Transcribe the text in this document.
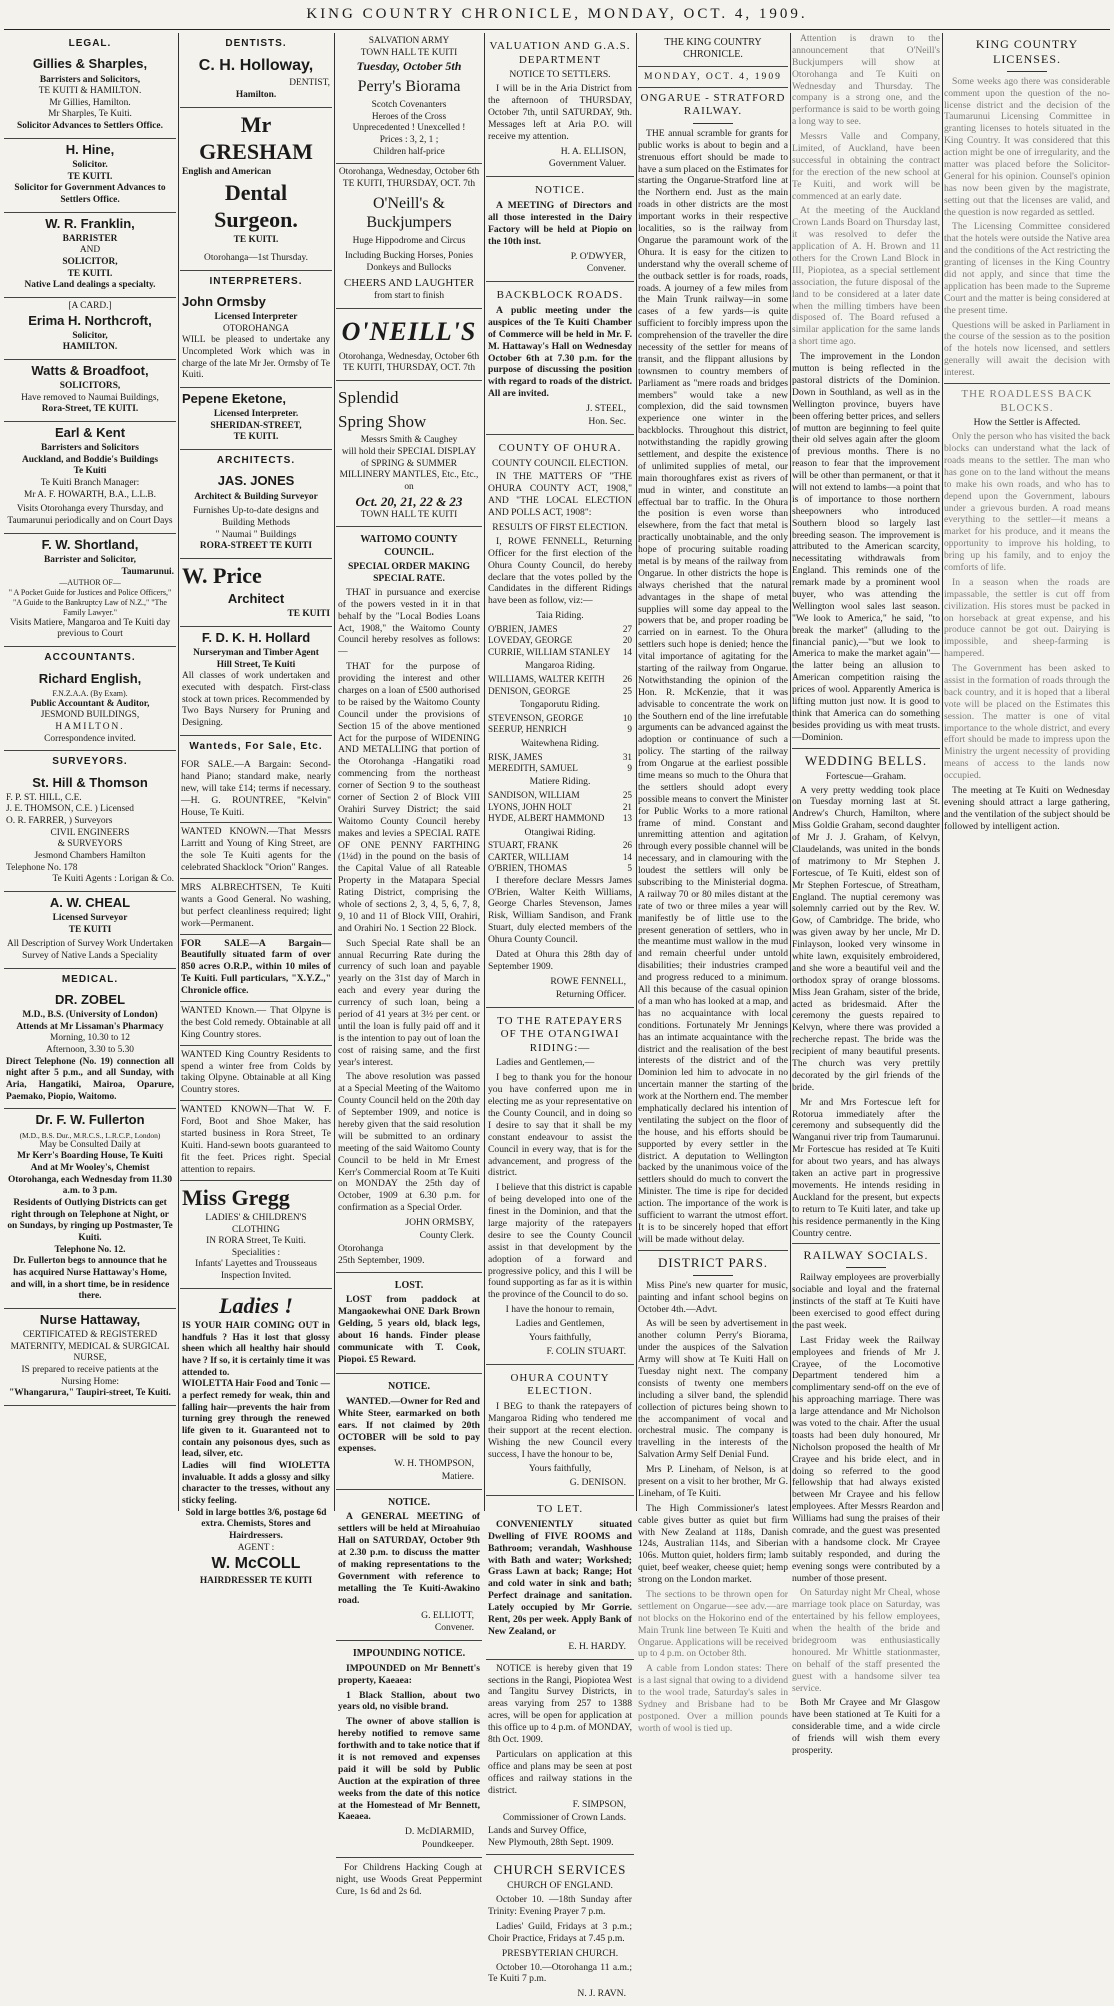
KING COUNTRY CHRONICLE, MONDAY, OCT. 4, 1909.
LEGAL.
Gillies & Sharples,
Barristers and Solicitors,
TE KUITI & HAMILTON.
Mr Gillies, Hamilton.
Mr Sharples, Te Kuiti.
Solicitor Advances to Settlers Office.
H. Hine,
Solicitor.
TE KUITI.
Solicitor for Government Advances to Settlers Office.
W. R. Franklin,
BARRISTER
AND
SOLICITOR,
TE KUITI.
Native Land dealings a specialty.
[A CARD.]
Erima H. Northcroft,
Solicitor,
HAMILTON.
Watts & Broadfoot,
SOLICITORS,
Have removed to Naumai Buildings,
Rora-Street, TE KUITI.
Earl & Kent
Barristers and Solicitors
Auckland, and Boddie's Buildings
Te Kuiti
Te Kuiti Branch Manager:
Mr A. F. HOWARTH, B.A., L.L.B.
Visits Otorohanga every Thursday, and Taumarunui periodically and on Court Days
F. W. Shortland,
Barrister and Solicitor,
Taumarunui.
—AUTHOR OF—
" A Pocket Guide for Justices and Police Officers," "A Guide to the Bankruptcy Law of N.Z.," "The Family Lawyer."
Visits Matiere, Mangaroa and Te Kuiti day previous to Court
ACCOUNTANTS.
Richard English,
F.N.Z.A.A. (By Exam).
Public Accountant & Auditor,
JESMOND BUILDINGS,
HAMILTON.
Correspondence invited.
SURVEYORS.
St. Hill & Thomson
F. P. ST. HILL, C.E.
J. E. THOMSON, C.E. ) Licensed
O. R. FARRER, ) Surveyors
CIVIL ENGINEERS
& SURVEYORS
Jesmond Chambers Hamilton
Telephone No. 178
Te Kuiti Agents : Lorigan & Co.
A. W. CHEAL
Licensed Surveyor
TE KUITI
All Description of Survey Work Undertaken
Survey of Native Lands a Speciality
MEDICAL.
DR. ZOBEL
M.D., B.S. (University of London)
Attends at Mr Lissaman's Pharmacy
Morning, 10.30 to 12
Afternoon, 3.30 to 5.30
Direct Telephone (No. 19) connection all night after 5 p.m., and all Sunday, with Aria, Hangatiki, Mairoa, Oparure, Paemako, Piopio, Waitomo.
Dr. F. W. Fullerton
(M.D., B.S. Dur., M.R.C.S., L.R.C.P., London)
May be Consulted Daily at
Mr Kerr's Boarding House, Te Kuiti
And at Mr Wooley's, Chemist Otorohanga, each Wednesday from 11.30 a.m. to 3 p.m.
Residents of Outlying Districts can get right through on Telephone at Night, or on Sundays, by ringing up Postmaster, Te Kuiti.
Telephone No. 12.
Dr. Fullerton begs to announce that he has acquired Nurse Hattaway's Home, and will, in a short time, be in residence there.
Nurse Hattaway,
CERTIFICATED & REGISTERED
MATERNITY, MEDICAL & SURGICAL
NURSE,
IS prepared to receive patients at the Nursing Home:
"Whangarura," Taupiri-street, Te Kuiti.
DENTISTS.
C. H. Holloway,
DENTIST,
Hamilton.
Mr GRESHAM
English and American
Dental Surgeon.
TE KUITI.
Otorohanga—1st Thursday.
INTERPRETERS.
John Ormsby
Licensed Interpreter
OTOROHANGA
WILL be pleased to undertake any Uncompleted Work which was in charge of the late Mr Jer. Ormsby of Te Kuiti.
Pepene Eketone,
Licensed Interpreter.
SHERIDAN-STREET,
TE KUITI.
ARCHITECTS.
JAS. JONES
Architect & Building Surveyor
Furnishes Up-to-date designs and Building Methods
" Naumai " Buildings
RORA-STREET TE KUITI
W. Price
Architect
TE KUITI
F. D. K. H. Hollard
Nurseryman and Timber Agent
Hill Street, Te Kuiti
All classes of work undertaken and executed with despatch. First-class stock at town prices. Recommended by Two Bays Nursery for Pruning and Designing.
Wanteds, For Sale, Etc.
FOR SALE.—A Bargain: Second-hand Piano; standard make, nearly new, will take £14; terms if necessary.—H. G. ROUNTREE, "Kelvin" House, Te Kuiti.
WANTED KNOWN.—That Messrs Larritt and Young of King Street, are the sole Te Kuiti agents for the celebrated Shacklock "Orion" Ranges.
MRS ALBRECHTSEN, Te Kuiti wants a Good General. No washing, but perfect cleanliness required; light work—Permanent.
FOR SALE—A Bargain—Beautifully situated farm of over 850 acres O.R.P., within 10 miles of Te Kuiti. Full particulars, "X.Y.Z.," Chronicle office.
WANTED Known.— That Olpyne is the best Cold remedy. Obtainable at all King Country stores.
WANTED King Country Residents to spend a winter free from Colds by taking Olpyne. Obtainable at all King Country stores.
WANTED KNOWN—That W. F. Ford, Boot and Shoe Maker, has started business in Rora Street, Te Kuiti. Hand-sewn boots guaranteed to fit the feet. Prices right. Special attention to repairs.
Miss Gregg
LADIES' & CHILDREN'S CLOTHING
IN RORA Street, Te Kuiti.
Specialities :
Infants' Layettes and Trousseaus Inspection Invited.
Ladies !
IS YOUR HAIR COMING OUT in handfuls ? Has it lost that glossy sheen which all healthy hair should have ? If so, it is certainly time it was attended to.
WIOLETTA Hair Food and Tonic —a perfect remedy for weak, thin and falling hair—prevents the hair from turning grey through the renewed life given to it. Guaranteed not to contain any poisonous dyes, such as lead, silver, etc.
Ladies will find WIOLETTA invaluable. It adds a glossy and silky character to the tresses, without any sticky feeling.
Sold in large bottles 3/6, postage 6d extra. Chemists, Stores and Hairdressers.
AGENT :
W. McCOLL
HAIRDRESSER TE KUITI
SALVATION ARMY
TOWN HALL TE KUITI
Tuesday, October 5th
Perry's Biorama
Scotch Covenanters
Heroes of the Cross
Unprecedented ! Unexcelled !
Prices : 3, 2, 1 ;
Children half-price
Otorohanga, Wednesday, October 6th
TE KUITI, THURSDAY, OCT. 7th
O'Neill's & Buckjumpers
Huge Hippodrome and Circus
Including Bucking Horses, Ponies Donkeys and Bullocks
CHEERS AND LAUGHTER
from start to finish
O'NEILL'S
Otorohanga, Wednesday, October 6th
TE KUITI, THURSDAY, OCT. 7th
Splendid
Spring Show
Messrs Smith & Caughey
will hold their SPECIAL DISPLAY of SPRING & SUMMER MILLINERY MANTLES, Etc., Etc., on
Oct. 20, 21, 22 & 23
TOWN HALL TE KUITI
WAITOMO COUNTY COUNCIL.
SPECIAL ORDER MAKING SPECIAL RATE.
THAT in pursuance and exercise of the powers vested in it in that behalf by the "Local Bodies Loans Act, 1908," the Waitomo County Council hereby resolves as follows:—
THAT for the purpose of providing the interest and other charges on a loan of £500 authorised to be raised by the Waitomo County Council under the provisions of Section 15 of the above mentioned Act for the purpose of WIDENING AND METALLING that portion of the Otorohanga -Hangatiki road commencing from the northeast corner of Section 9 to the southeast corner of Section 2 of Block VIII Orahiri Survey District; the said Waitomo County Council hereby makes and levies a SPECIAL RATE OF ONE PENNY FARTHING (1¼d) in the pound on the basis of the Capital Value of all Rateable Property in the Matapara Special Rating District, comprising the whole of sections 2, 3, 4, 5, 6, 7, 8, 9, 10 and 11 of Block VIII, Orahiri, and Orahiri No. 1 Section 22 Block.
Such Special Rate shall be an annual Recurring Rate during the currency of such loan and payable yearly on the 31st day of March in each and every year during the currency of such loan, being a period of 41 years at 3½ per cent. or until the loan is fully paid off and it is the intention to pay out of loan the cost of raising same, and the first year's interest.
The above resolution was passed at a Special Meeting of the Waitomo County Council held on the 20th day of September 1909, and notice is hereby given that the said resolution will be submitted to an ordinary meeting of the said Waitomo County Council to be held in Mr Ernest Kerr's Commercial Room at Te Kuiti on MONDAY the 25th day of October, 1909 at 6.30 p.m. for confirmation as a Special Order.
JOHN ORMSBY,
County Clerk.
Otorohanga
25th September, 1909.
LOST.
LOST from paddock at Mangaokewhai ONE Dark Brown Gelding, 5 years old, black legs, about 16 hands. Finder please communicate with T. Cook, Piopoi. £5 Reward.
NOTICE.
WANTED.—Owner for Red and White Steer, earmarked on both ears. If not claimed by 20th OCTOBER will be sold to pay expenses.
W. H. THOMPSON,
Matiere.
NOTICE.
A GENERAL MEETING of settlers will be held at Miroahuiao Hall on SATURDAY, October 9th at 2.30 p.m. to discuss the matter of making representations to the Government with reference to metalling the Te Kuiti-Awakino road.
G. ELLIOTT,
Convener.
IMPOUNDING NOTICE.
IMPOUNDED on Mr Bennett's property, Kaeaea:
1 Black Stallion, about two years old, no visible brand.
The owner of above stallion is hereby notified to remove same forthwith and to take notice that if it is not removed and expenses paid it will be sold by Public Auction at the expiration of three weeks from the date of this notice at the Homestead of Mr Bennett, Kaeaea.
D. McDIARMID,
Poundkeeper.
For Childrens Hacking Cough at night, use Woods Great Peppermint Cure, 1s 6d and 2s 6d.
VALUATION AND G.A.S. DEPARTMENT
NOTICE TO SETTLERS.
I will be in the Aria District from the afternoon of THURSDAY, October 7th, until SATURDAY, 9th. Messages left at Aria P.O. will receive my attention.
H. A. ELLISON,
Government Valuer.
NOTICE.
A MEETING of Directors and all those interested in the Dairy Factory will be held at Piopio on the 10th inst.
P. O'DWYER,
Convener.
BACKBLOCK ROADS.
A public meeting under the auspices of the Te Kuiti Chamber of Commerce will be held in Mr. F. M. Hattaway's Hall on Wednesday October 6th at 7.30 p.m. for the purpose of discussing the position with regard to roads of the district. All are invited.
J. STEEL,
Hon. Sec.
COUNTY OF OHURA.
COUNTY COUNCIL ELECTION.
IN THE MATTERS OF "THE OHURA COUNTY ACT, 1908," AND "THE LOCAL ELECTION AND POLLS ACT, 1908":
RESULTS OF FIRST ELECTION.
I, ROWE FENNELL, Returning Officer for the first election of the Ohura County Council, do hereby declare that the votes polled by the Candidates in the different Ridings have been as follow, viz:—
Taia Riding.
O'BRIEN, JAMES	27
LOVEDAY, GEORGE	20
CURRIE, WILLIAM STANLEY 14
Mangaroa Riding.
WILLIAMS, WALTER KEITH 26
DENISON, GEORGE	25
Tongaporutu Riding.
STEVENSON, GEORGE	10
SEERUP, HENRICH	9
Waitewhena Riding.
RISK, JAMES	31
MEREDITH, SAMUEL	9
Matiere Riding.
SANDISON, WILLIAM	25
LYONS, JOHN HOLT	21
HYDE, ALBERT HAMMOND 13
Otangiwai Riding.
STUART, FRANK	26
CARTER, WILLIAM	14
O'BRIEN, THOMAS	5
I therefore declare Messrs James O'Brien, Walter Keith Williams, George Charles Stevenson, James Risk, William Sandison, and Frank Stuart, duly elected members of the Ohura County Council.
Dated at Ohura this 28th day of September 1909.
ROWE FENNELL,
Returning Officer.
TO THE RATEPAYERS OF THE OTANGIWAI RIDING:—
Ladies and Gentlemen,—
I beg to thank you for the honour you have conferred upon me in electing me as your representative on the County Council, and in doing so I desire to say that it shall be my constant endeavour to assist the Council in every way, that is for the advancement, and progress of the district.
I believe that this district is capable of being developed into one of the finest in the Dominion, and that the large majority of the ratepayers desire to see the County Council assist in that development by the adoption of a forward and progressive policy, and this I will be found supporting as far as it is within the province of the Council to do so.
I have the honour to remain,
Ladies and Gentlemen,
Yours faithfully,
F. COLIN STUART.
OHURA COUNTY ELECTION.
I BEG to thank the ratepayers of Mangaroa Riding who tendered me their support at the recent election. Wishing the new Council every success, I have the honour to be,
Yours faithfully,
G. DENISON.
TO LET.
CONVENIENTLY situated Dwelling of FIVE ROOMS and Bathroom; verandah, Washhouse with Bath and water; Workshed; Grass Lawn at back; Range; Hot and cold water in sink and bath; Perfect drainage and sanitation. Lately occupied by Mr Gorrie. Rent, 20s per week. Apply Bank of New Zealand, or
E. H. HARDY.
NOTICE is hereby given that 19 sections in the Rangi, Piopiotea West and Tangitu Survey Districts, in areas varying from 257 to 1388 acres, will be open for application at this office up to 4 p.m. of MONDAY, 8th Oct. 1909.
Particulars on application at this office and plans may be seen at post offices and railway stations in the district.
F. SIMPSON,
Commissioner of Crown Lands.
Lands and Survey Office,
New Plymouth, 28th Sept. 1909.
CHURCH SERVICES
CHURCH OF ENGLAND.
October 10. —18th Sunday after Trinity: Evening Prayer 7 p.m.
Ladies' Guild, Fridays at 3 p.m.; Choir Practice, Fridays at 7.45 p.m.
PRESBYTERIAN CHURCH.
October 10.—Otorohanga 11 a.m.; Te Kuiti 7 p.m.
N. J. RAVN.
THE KING COUNTRY CHRONICLE.
MONDAY, OCT. 4, 1909
ONGARUE - STRATFORD RAILWAY.
THE annual scramble for grants for public works is about to begin and a strenuous effort should be made to have a sum placed on the Estimates for starting the Ongarue-Stratford line at the Northern end. Just as the main roads in other districts are the most important works in their respective localities, so is the railway from Ongarue the paramount work of the Ohura. It is easy for the citizen to understand why the overall scheme of the outback settler is for roads, roads, roads. A journey of a few miles from the Main Trunk railway—in some cases of a few yards—is quite sufficient to forcibly impress upon the comprehension of the traveller the dire necessity of the settler for means of transit, and the flippant allusions by townsmen to country members of Parliament as "mere roads and bridges members" would take a new complexion, did the said townsmen experience one winter in the backblocks. Throughout this district, notwithstanding the rapidly growing settlement, and despite the existence of unlimited supplies of metal, our main thoroughfares exist as rivers of mud in winter, and constitute an effectual bar to traffic. In the Ohura the position is even worse than elsewhere, from the fact that metal is practically unobtainable, and the only hope of procuring suitable roading metal is by means of the railway from Ongarue. In other districts the hope is always cherished that the natural advantages in the shape of metal supplies will some day appeal to the powers that be, and proper roading be carried on in earnest. To the Ohura settlers such hope is denied; hence the vital importance of agitating for the starting of the railway from Ongarue. Notwithstanding the opinion of the Hon. R. McKenzie, that it was advisable to concentrate the work on the Southern end of the line irrefutable arguments can be advanced against the adoption or continuance of such a policy. The starting of the railway from Ongarue at the earliest possible time means so much to the Ohura that the settlers should adopt every possible means to convert the Minister for Public Works to a more rational frame of mind. Constant and unremitting attention and agitation through every possible channel will be necessary, and in clamouring with the loudest the settlers will only be subscribing to the Ministerial dogma. A railway 70 or 80 miles distant at the rate of two or three miles a year will manifestly be of little use to the present generation of settlers, who in the meantime must wallow in the mud and remain cheerful under untold disabilities; their industries cramped and progress reduced to a minimum. All this because of the casual opinion of a man who has looked at a map, and has no acquaintance with local conditions. Fortunately Mr Jennings has an intimate acquaintance with the district and the realisation of the best interests of the district and of the Dominion led him to advocate in no uncertain manner the starting of the work at the Northern end. The member emphatically declared his intention of ventilating the subject on the floor of the house, and his efforts should be supported by every settler in the district. A deputation to Wellington backed by the unanimous voice of the settlers should do much to convert the Minister. The time is ripe for decided action. The importance of the work is sufficient to warrant the utmost effort. It is to be sincerely hoped that effort will be made without delay.
DISTRICT PARS.
Miss Pine's new quarter for music, painting and infant school begins on October 4th.—Advt.
As will be seen by advertisement in another column Perry's Biorama, under the auspices of the Salvation Army will show at Te Kuiti Hall on Tuesday night next. The company consists of twenty one members including a silver band, the splendid collection of pictures being shown to the accompaniment of vocal and orchestral music. The company is travelling in the interests of the Salvation Army Self Denial Fund.
Mrs P. Lineham, of Nelson, is at present on a visit to her brother, Mr G. Lineham, of Te Kuiti.
The High Commissioner's latest cable gives butter as quiet but firm with New Zealand at 118s, Danish 124s, Australian 114s, and Siberian 106s. Mutton quiet, holders firm; lamb quiet, beef weaker, cheese quiet; hemp strong on the London market.
The sections to be thrown open for settlement on Ongarue—see adv.—are not blocks on the Hokorino end of the Main Trunk line between Te Kuiti and Ongarue. Applications will be received up to 4 p.m. on October 8th.
A cable from London states: There is a last signal that owing to a dividend to the wool trade, Saturday's sales in Sydney and Brisbane had to be postponed. Over a million pounds worth of wool is tied up.
Attention is drawn to the announcement that O'Neill's Buckjumpers will show at Otorohanga and Te Kuiti on Wednesday and Thursday. The company is a strong one, and the performance is said to be worth going a long way to see.
Messrs Valle and Company, Limited, of Auckland, have been successful in obtaining the contract for the erection of the new school at Te Kuiti, and work will be commenced at an early date.
At the meeting of the Auckland Crown Lands Board on Thursday last, it was resolved to defer the application of A. H. Brown and 11 others for the Crown Land Block in III, Piopiotea, as a special settlement association, the future disposal of the land to be considered at a later date when the milling timbers have been disposed of. The Board refused a similar application for the same lands a short time ago.
The improvement in the London mutton is being reflected in the pastoral districts of the Dominion. Down in Southland, as well as in the Wellington province, buyers have been offering better prices, and sellers of mutton are beginning to feel quite their old selves again after the gloom of previous months. There is no reason to fear that the improvement will be other than permanent, or that it will not extend to lambs—a point that is of importance to those northern sheepowners who introduced Southern blood so largely last breeding season. The improvement is attributed to the American scarcity, necessitating withdrawals from England. This reminds one of the remark made by a prominent wool buyer, who was attending the Wellington wool sales last season. "We look to America," he said, "to break the market" (alluding to the financial panic),—"but we look to America to make the market again"—the latter being an allusion to American competition raising the prices of wool. Apparently America is lifting mutton just now. It is good to think that America can do something besides providing us with meat trusts.—Dominion.
WEDDING BELLS.
Fortescue—Graham.
A very pretty wedding took place on Tuesday morning last at St. Andrew's Church, Hamilton, where Miss Goldie Graham, second daughter of Mr J. J. Graham, of Kelvyn, Claudelands, was united in the bonds of matrimony to Mr Stephen J. Fortescue, of Te Kuiti, eldest son of Mr Stephen Fortescue, of Streatham, England. The nuptial ceremony was solemnly carried out by the Rev. W. Gow, of Cambridge. The bride, who was given away by her uncle, Mr D. Finlayson, looked very winsome in white lawn, exquisitely embroidered, and she wore a beautiful veil and the orthodox spray of orange blossoms. Miss Jean Graham, sister of the bride, acted as bridesmaid. After the ceremony the guests repaired to Kelvyn, where there was provided a recherche repast. The bride was the recipient of many beautiful presents. The church was very prettily decorated by the girl friends of the bride.
Mr and Mrs Fortescue left for Rotorua immediately after the ceremony and subsequently did the Wanganui river trip from Taumarunui. Mr Fortescue has resided at Te Kuiti for about two years, and has always taken an active part in progressive movements. He intends residing in Auckland for the present, but expects to return to Te Kuiti later, and take up his residence permanently in the King Country centre.
RAILWAY SOCIALS.
Railway employees are proverbially sociable and loyal and the fraternal instincts of the staff at Te Kuiti have been exercised to good effect during the past week.
Last Friday week the Railway employees and friends of Mr J. Crayee, of the Locomotive Department tendered him a complimentary send-off on the eve of his approaching marriage. There was a large attendance and Mr Nicholson was voted to the chair. After the usual toasts had been duly honoured, Mr Nicholson proposed the health of Mr Crayee and his bride elect, and in doing so referred to the good fellowship that had always existed between Mr Crayee and his fellow employees. After Messrs Reardon and Williams had sung the praises of their comrade, and the guest was presented with a handsome clock. Mr Crayee suitably responded, and during the evening songs were contributed by a number of those present.
On Saturday night Mr Cheal, whose marriage took place on Saturday, was entertained by his fellow employees, when the health of the bride and bridegroom was enthusiastically honoured. Mr Whittle stationmaster, on behalf of the staff presented the guest with a handsome silver tea service.
Both Mr Crayee and Mr Glasgow have been stationed at Te Kuiti for a considerable time, and a wide circle of friends will wish them every prosperity.
KING COUNTRY LICENSES.
Some weeks ago there was considerable comment upon the question of the no-license district and the decision of the Taumarunui Licensing Committee in granting licenses to hotels situated in the King Country. It was considered that this action might be one of irregularity, and the matter was placed before the Solicitor-General for his opinion. Counsel's opinion has now been given by the magistrate, setting out that the licenses are valid, and the question is now regarded as settled.
The Licensing Committee considered that the hotels were outside the Native area and the conditions of the Act restricting the granting of licenses in the King Country did not apply, and since that time the application has been made to the Supreme Court and the matter is being considered at the present time.
Questions will be asked in Parliament in the course of the session as to the position of the hotels now licensed, and settlers generally will await the decision with interest.
THE ROADLESS BACK BLOCKS.
How the Settler is Affected.
Only the person who has visited the back blocks can understand what the lack of roads means to the settler. The man who has gone on to the land without the means to make his own roads, and who has to depend upon the Government, labours under a grievous burden. A road means everything to the settler—it means a market for his produce, and it means the opportunity to improve his holding, to bring up his family, and to enjoy the comforts of life.
In a season when the roads are impassable, the settler is cut off from civilization. His stores must be packed in on horseback at great expense, and his produce cannot be got out. Dairying is impossible, and sheep-farming is hampered.
The Government has been asked to assist in the formation of roads through the back country, and it is hoped that a liberal vote will be placed on the Estimates this session. The matter is one of vital importance to the whole district, and every effort should be made to impress upon the Ministry the urgent necessity of providing means of access to the lands now occupied.
The meeting at Te Kuiti on Wednesday evening should attract a large gathering, and the ventilation of the subject should be followed by intelligent action.
